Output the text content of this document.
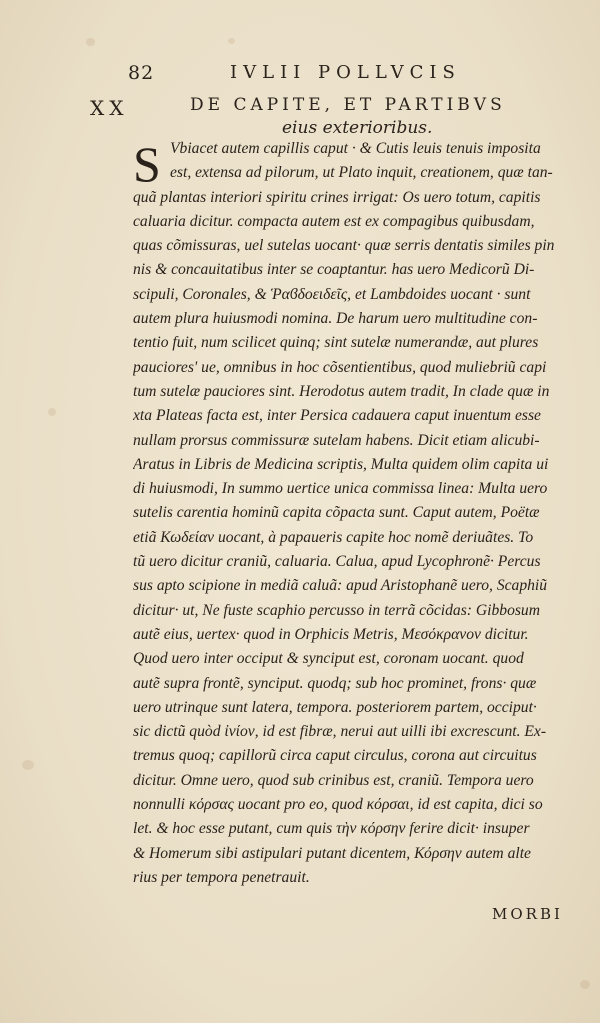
82	IVLII POLLVCIS
XX	DE CAPITE, ET PARTIBVS
eius exterioribus.
S Vbiacet autem capillis caput · & Cutis leuis tenuis imposita
est, extensa ad pilorum, ut Plato inquit, creationem, quæ tan-
quã plantas interiori spiritu crines irrigat: Os uero totum, capitis
caluaria dicitur. compacta autem est ex compagibus quibusdam,
quas cõmissuras, uel sutelas uocant· quæ serris dentatis similes pin
nis & concauitatibus inter se coaptantur. has uero Medicorũ Di-
scipuli, Coronales, & Ῥαϐδοειδεῖς, et Lambdoides uocant · sunt
autem plura huiusmodi nomina. De harum uero multitudine con-
tentio fuit, num scilicet quinq; sint sutelæ numerandæ, aut plures
pauciores' ue, omnibus in hoc cõsentientibus, quod muliebriũ capi
tum sutelæ pauciores sint. Herodotus autem tradit, In clade quæ in
xta Plateas facta est, inter Persica cadauera caput inuentum esse
nullam prorsus commissuræ sutelam habens. Dicit etiam alicubi-
Aratus in Libris de Medicina scriptis, Multa quidem olim capita ui
di huiusmodi, In summo uertice unica commissa linea: Multa uero
sutelis carentia hominũ capita cõpacta sunt. Caput autem, Poëtæ
etiã Κωδείαν uocant, à papaueris capite hoc nomẽ deriuãtes. To
tũ uero dicitur craniũ, caluaria. Calua, apud Lycophronẽ· Percus
sus apto scipione in mediã caluã: apud Aristophanẽ uero, Scaphiũ
dicitur· ut, Ne fuste scaphio percusso in terrã cõcidas: Gibbosum
autẽ eius, uertex· quod in Orphicis Metris, Μεσόκρανον dicitur.
Quod uero inter occiput & synciput est, coronam uocant. quod
autẽ supra frontẽ, synciput. quodq; sub hoc prominet, frons· quæ
uero utrinque sunt latera, tempora. posteriorem partem, occiput·
sic dictũ quòd ἰνίον, id est fibræ, nerui aut uilli ibi excrescunt. Ex-
tremus quoq; capillorũ circa caput circulus, corona aut circuitus
dicitur. Omne uero, quod sub crinibus est, craniũ. Tempora uero
nonnulli κόρσας uocant pro eo, quod κόρσαι, id est capita, dici so
let. & hoc esse putant, cum quis τὴν κόρσην ferire dicit· insuper
& Homerum sibi astipulari putant dicentem, Κόρσην autem alte
rius per tempora penetrauit.
MORBI
